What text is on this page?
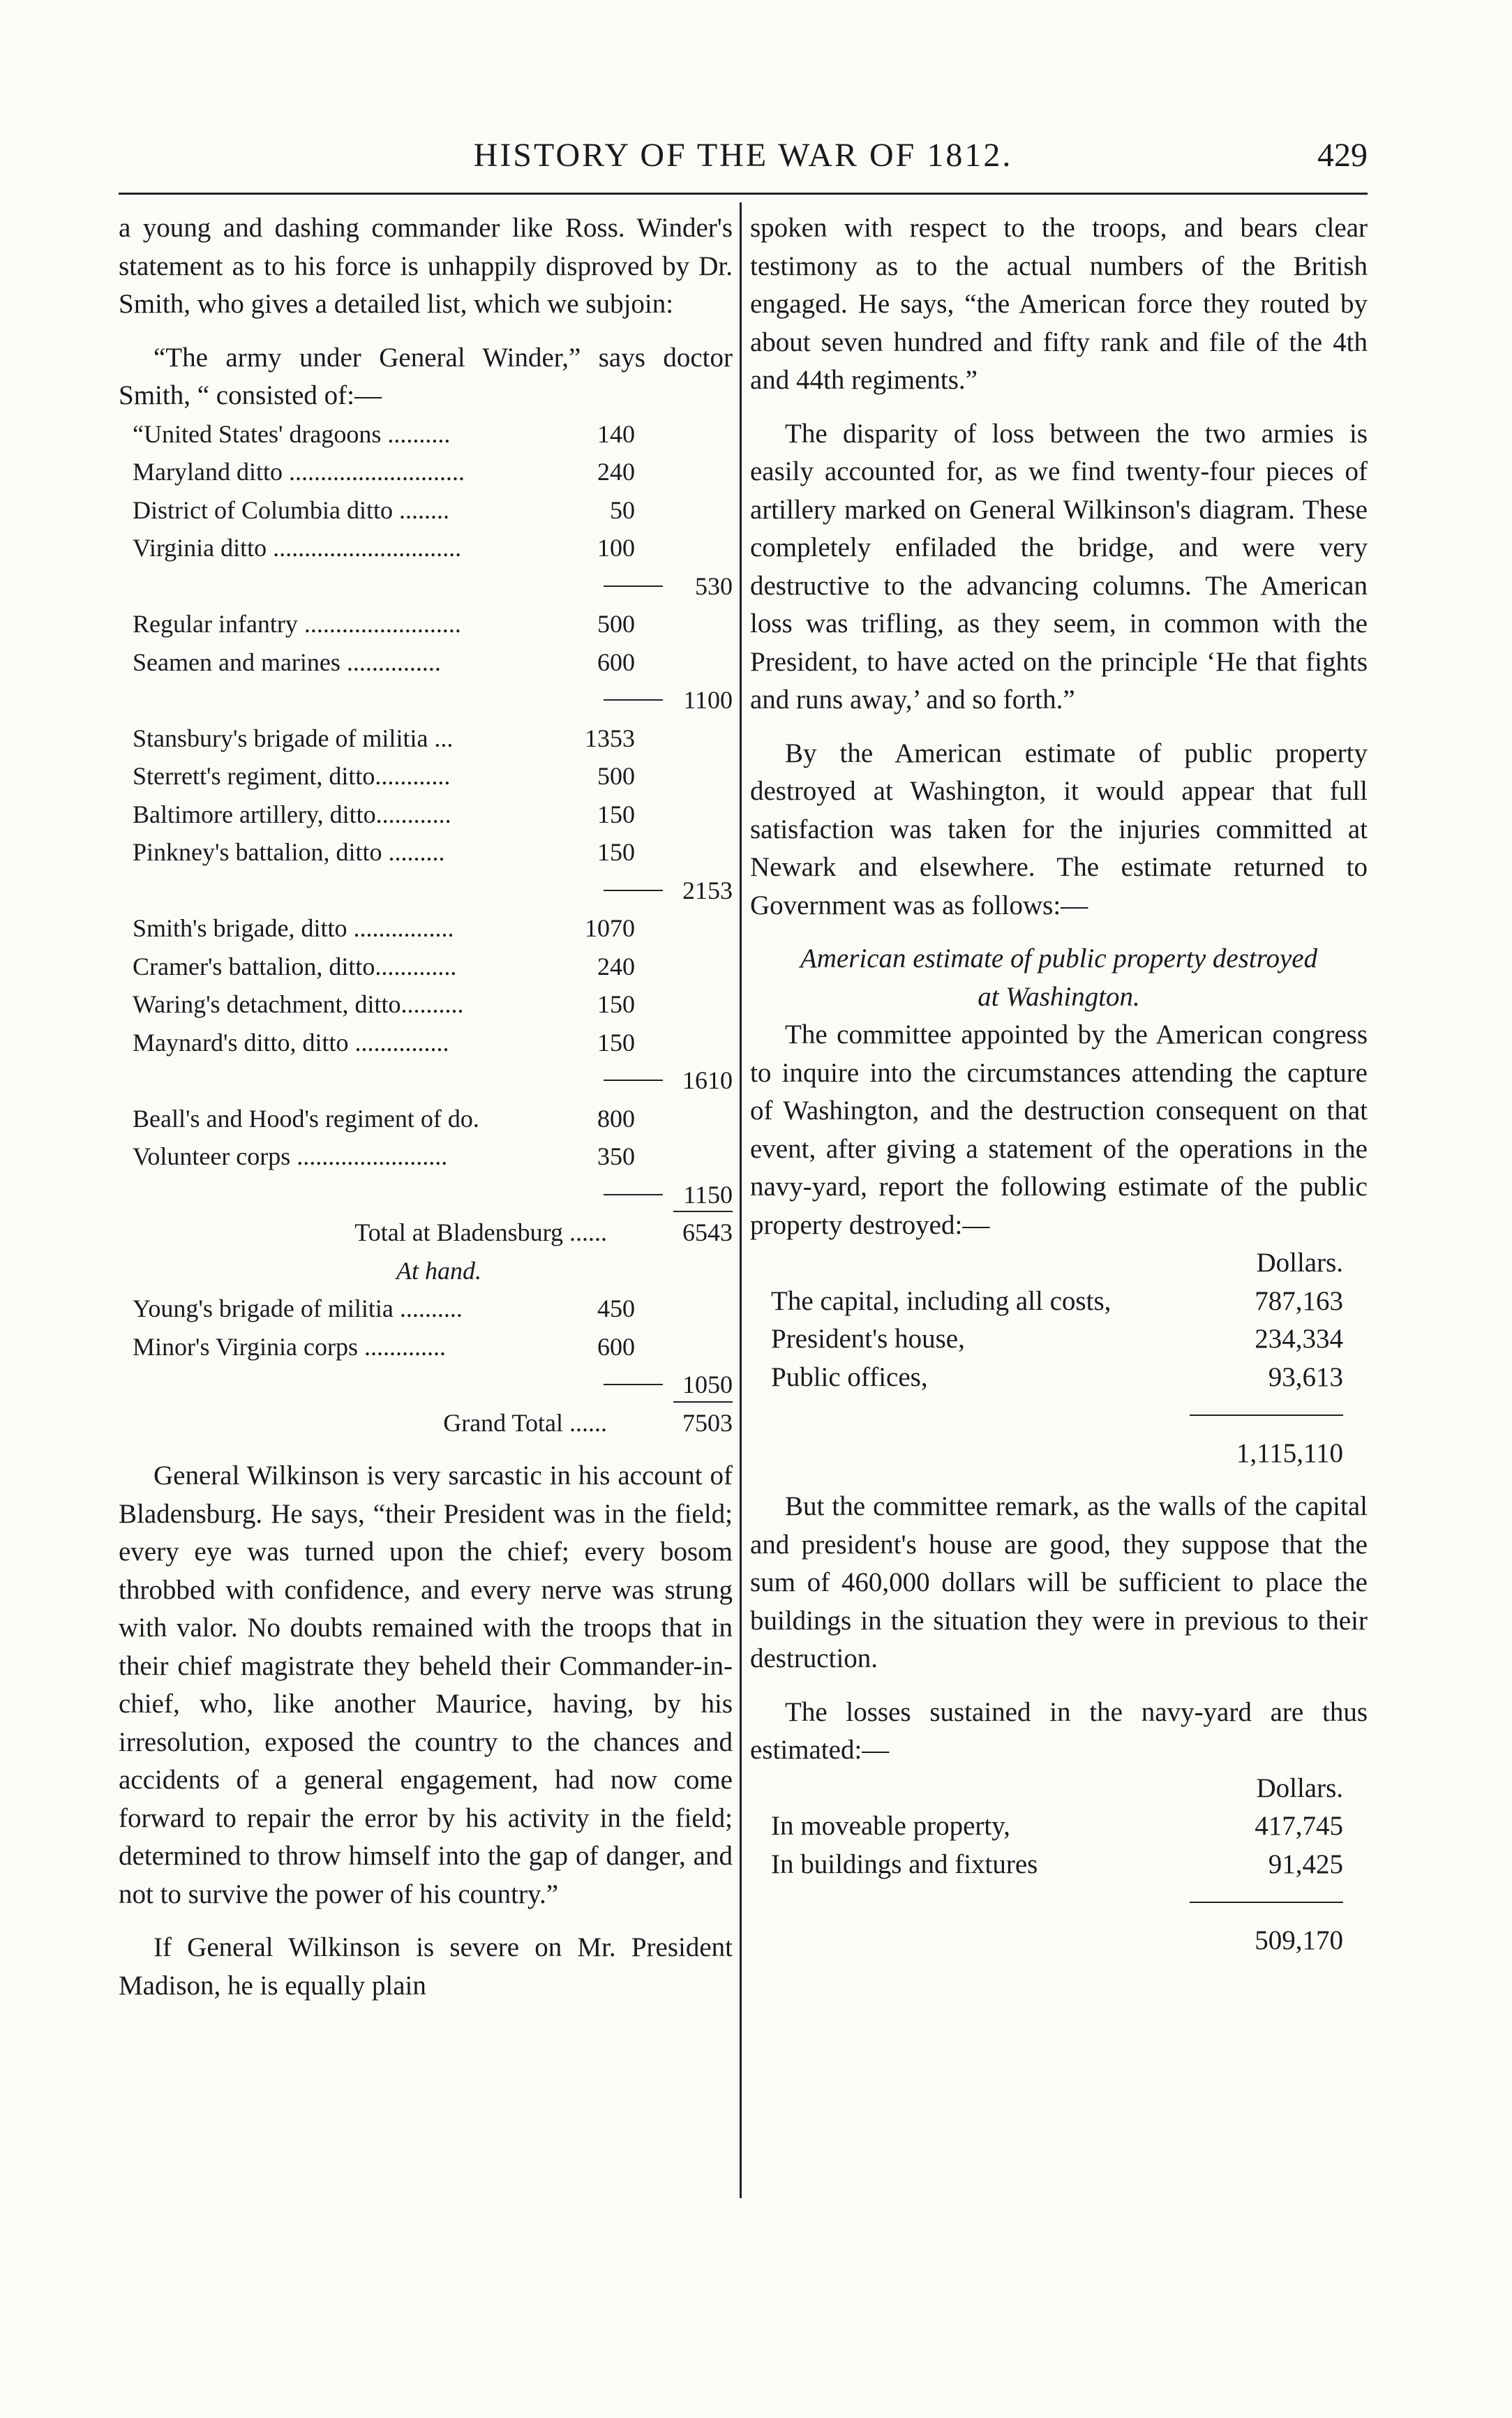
HISTORY OF THE WAR OF 1812.	429

a young and dashing commander like Ross. Winder's statement as to his force is unhappily disproved by Dr. Smith, who gives a detailed list, which we subjoin:

“The army under General Winder,” says doctor Smith, “ consisted of:—

“United States' dragoons ..........	140
Maryland ditto ............................	240
District of Columbia ditto ........	50
Virginia ditto ..............................	100
530
Regular infantry .........................	500
Seamen and marines ...............	600
1100
Stansbury's brigade of militia ...	1353
Sterrett's regiment, ditto............	500
Baltimore artillery, ditto............	150
Pinkney's battalion, ditto .........	150
2153
Smith's brigade, ditto ................	1070
Cramer's battalion, ditto.............	240
Waring's detachment, ditto..........	150
Maynard's ditto, ditto ...............	150
1610
Beall's and Hood's regiment of do.	800
Volunteer corps ........................	350
1150
Total at Bladensburg ......	6543
At hand.
Young's brigade of militia ..........	450
Minor's Virginia corps .............	600
1050
Grand Total ......	7503

General Wilkinson is very sarcastic in his account of Bladensburg. He says, “their President was in the field; every eye was turned upon the chief; every bosom throbbed with confidence, and every nerve was strung with valor. No doubts remained with the troops that in their chief magistrate they beheld their Commander-in-chief, who, like another Maurice, having, by his irresolution, exposed the country to the chances and accidents of a general engagement, had now come forward to repair the error by his activity in the field; determined to throw himself into the gap of danger, and not to survive the power of his country.”

If General Wilkinson is severe on Mr. President Madison, he is equally plain

spoken with respect to the troops, and bears clear testimony as to the actual numbers of the British engaged. He says, “the American force they routed by about seven hundred and fifty rank and file of the 4th and 44th regiments.”

The disparity of loss between the two armies is easily accounted for, as we find twenty-four pieces of artillery marked on General Wilkinson's diagram. These completely enfiladed the bridge, and were very destructive to the advancing columns. The American loss was trifling, as they seem, in common with the President, to have acted on the principle ‘He that fights and runs away,’ and so forth.”

By the American estimate of public property destroyed at Washington, it would appear that full satisfaction was taken for the injuries committed at Newark and elsewhere. The estimate returned to Government was as follows:—

American estimate of public property destroyed
at Washington.

The committee appointed by the American congress to inquire into the circumstances attending the capture of Washington, and the destruction consequent on that event, after giving a statement of the operations in the navy-yard, report the following estimate of the public property destroyed:—

Dollars.
The capital, including all costs,	787,163
President's house,	234,334
Public offices,	93,613
1,115,110

But the committee remark, as the walls of the capital and president's house are good, they suppose that the sum of 460,000 dollars will be sufficient to place the buildings in the situation they were in previous to their destruction.

The losses sustained in the navy-yard are thus estimated:—

Dollars.
In moveable property,	417,745
In buildings and fixtures	91,425
509,170
